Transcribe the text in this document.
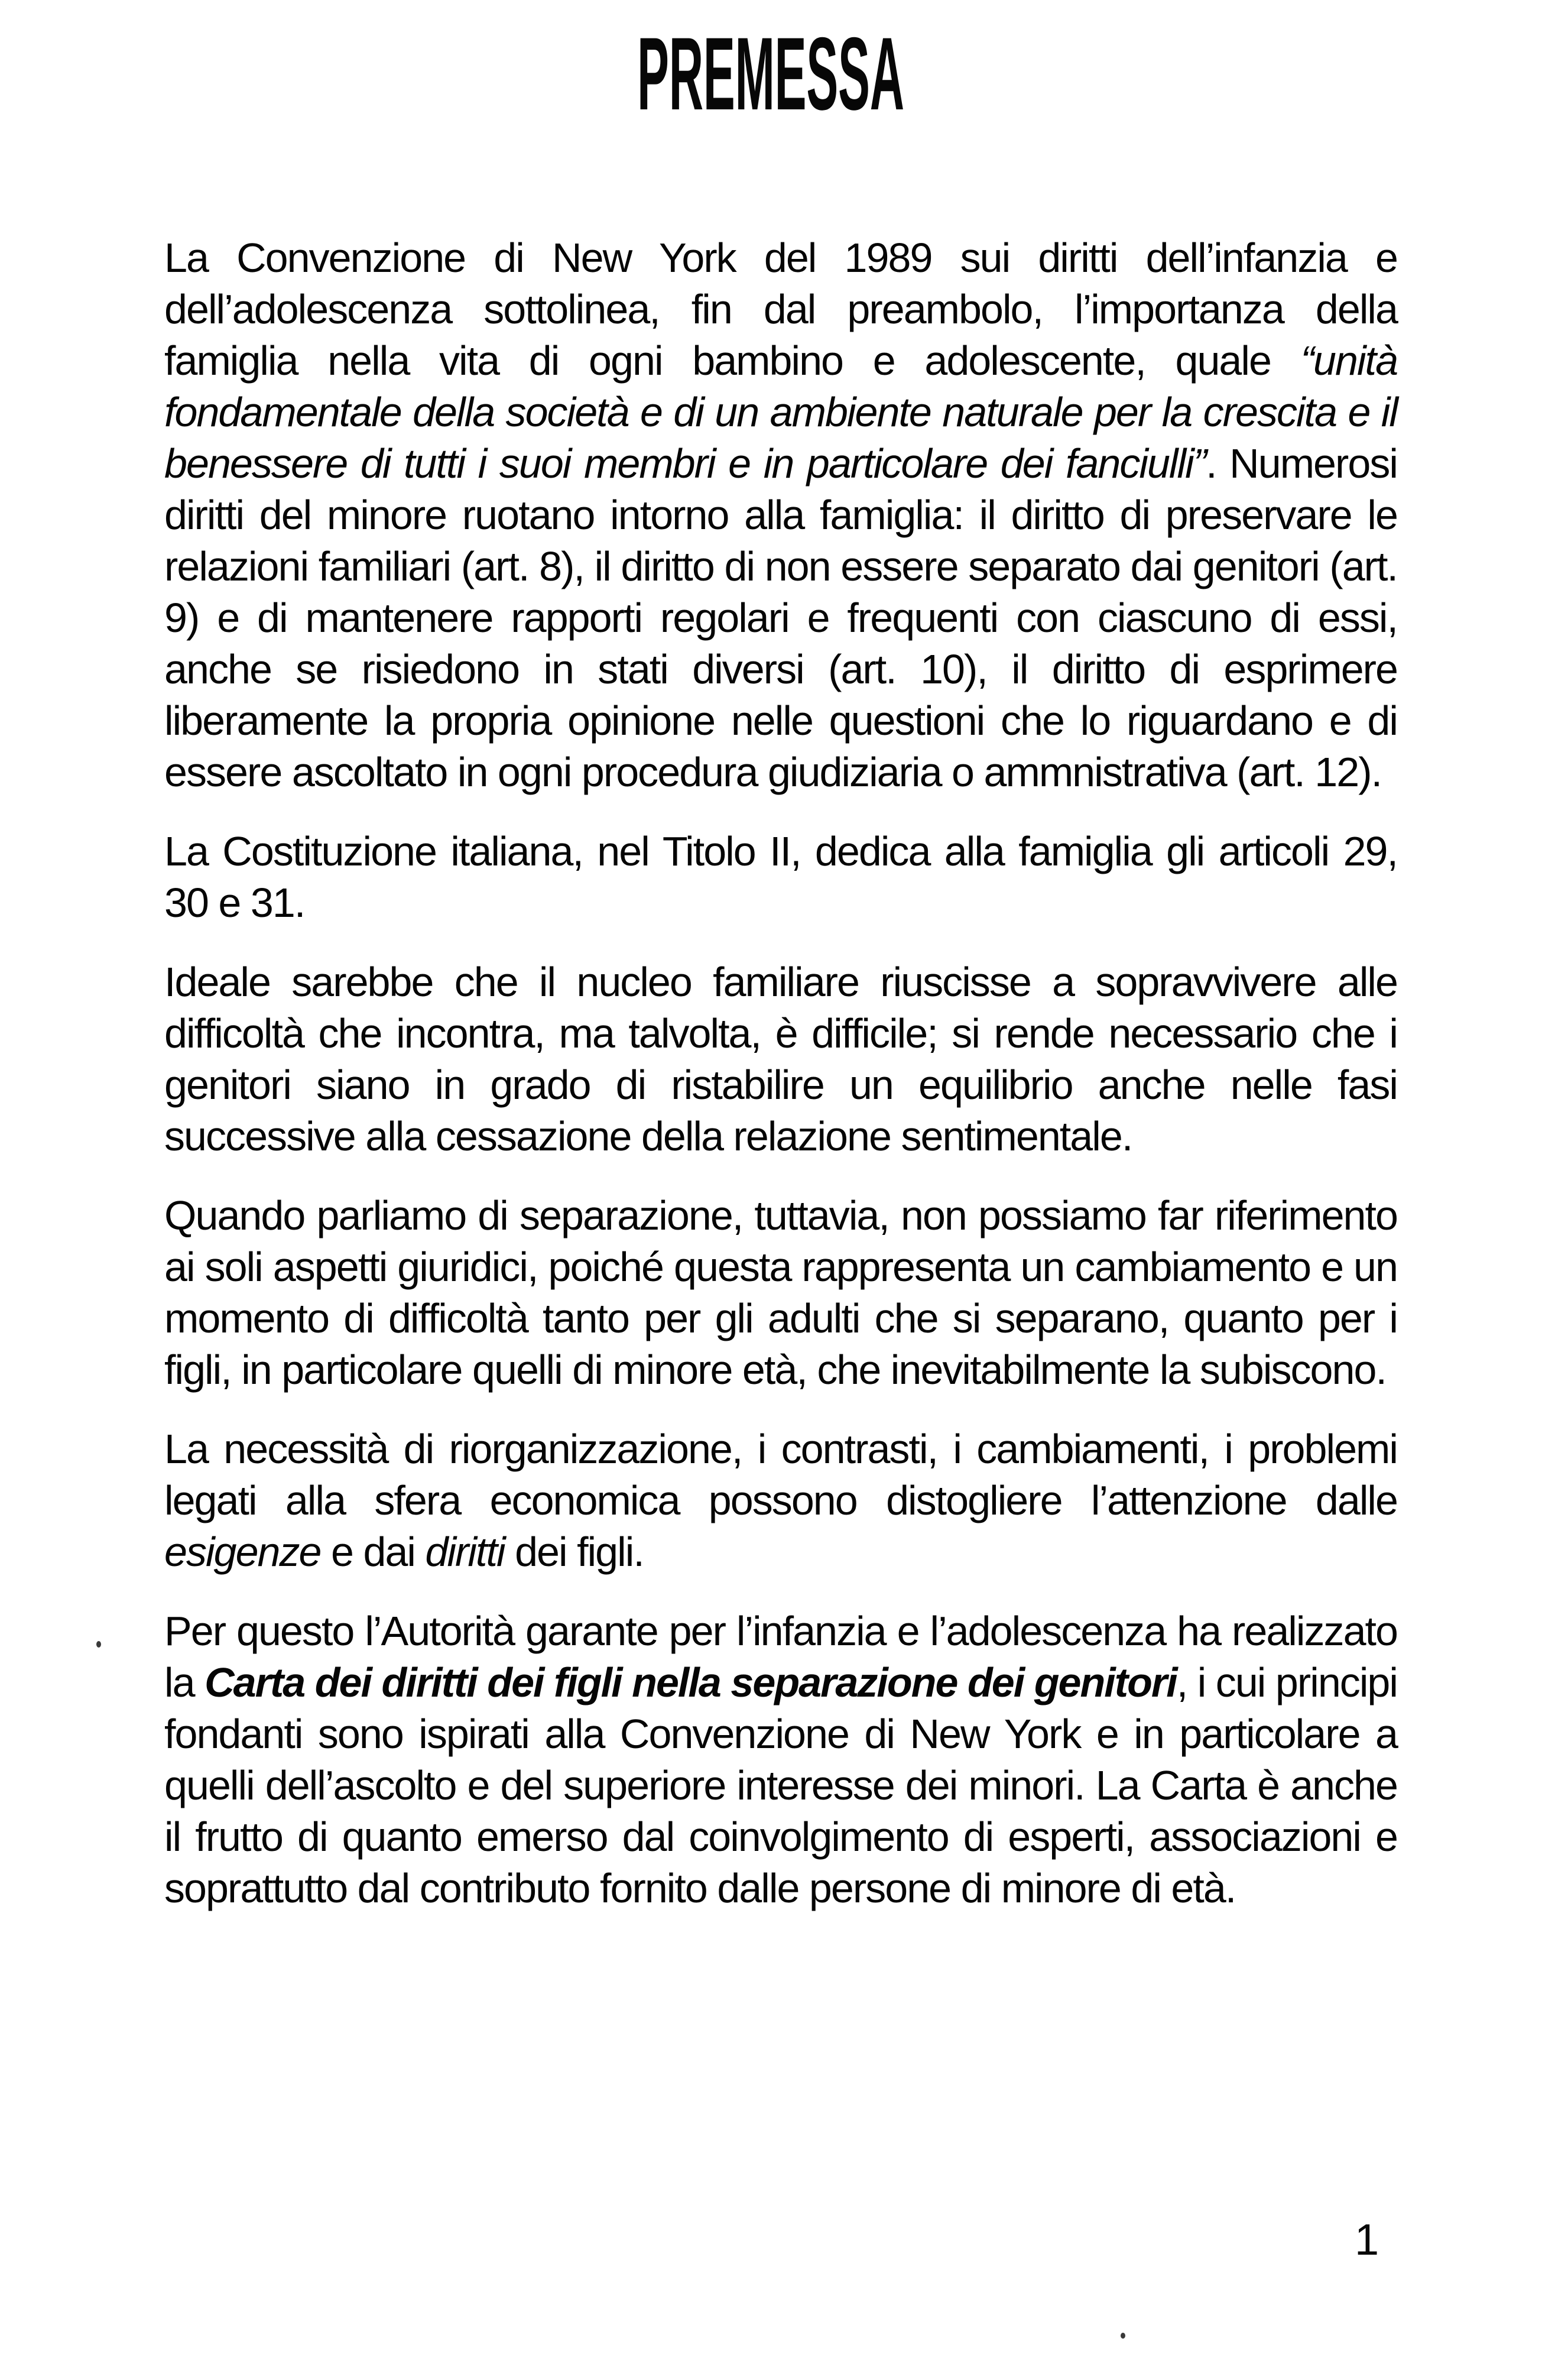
PREMESSA

La Convenzione di New York del 1989 sui diritti dell’infanzia e dell’adolescenza sottolinea, fin dal preambolo, l’importanza della famiglia nella vita di ogni bambino e adolescente, quale “unità fondamentale della società e di un ambiente naturale per la crescita e il benessere di tutti i suoi membri e in particolare dei fanciulli”. Numerosi diritti del minore ruotano intorno alla famiglia: il diritto di preservare le relazioni familiari (art. 8), il diritto di non essere separato dai genitori (art. 9) e di mantenere rapporti regolari e frequenti con ciascuno di essi, anche se risiedono in stati diversi (art. 10), il diritto di esprimere liberamente la propria opinione nelle questioni che lo riguardano e di essere ascoltato in ogni procedura giudiziaria o ammnistrativa (art. 12).

La Costituzione italiana, nel Titolo II, dedica alla famiglia gli articoli 29, 30 e 31.

Ideale sarebbe che il nucleo familiare riuscisse a sopravvivere alle difficoltà che incontra, ma talvolta, è difficile; si rende necessario che i genitori siano in grado di ristabilire un equilibrio anche nelle fasi successive alla cessazione della relazione sentimentale.

Quando parliamo di separazione, tuttavia, non possiamo far riferimento ai soli aspetti giuridici, poiché questa rappresenta un cambiamento e un momento di difficoltà tanto per gli adulti che si separano, quanto per i figli, in particolare quelli di minore età, che inevitabilmente la subiscono.

La necessità di riorganizzazione, i contrasti, i cambiamenti, i problemi legati alla sfera economica possono distogliere l’attenzione dalle esigenze e dai diritti dei figli.

Per questo l’Autorità garante per l’infanzia e l’adolescenza ha realizzato la Carta dei diritti dei figli nella separazione dei genitori, i cui principi fondanti sono ispirati alla Convenzione di New York e in particolare a quelli dell’ascolto e del superiore interesse dei minori. La Carta è anche il frutto di quanto emerso dal coinvolgimento di esperti, associazioni e soprattutto dal contributo fornito dalle persone di minore di età.

1
